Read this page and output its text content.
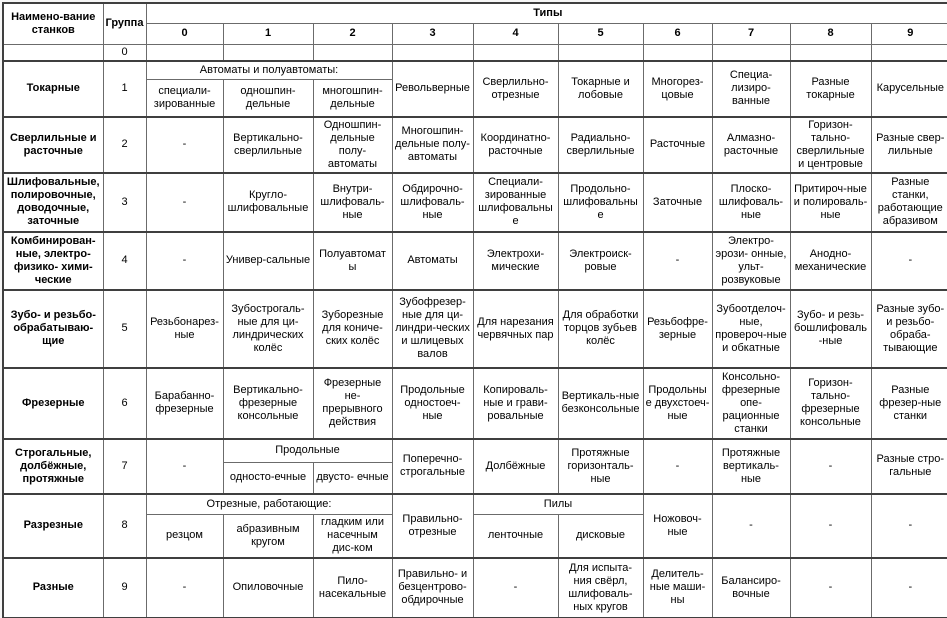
Наимено-вание станков	Группа	Типы									
		0	1	2	3	4	5	6	7	8	9
	0										
Токарные	1	Автоматы и полуавтоматы:			Револьверные	Сверлильно-отрезные	Токарные и лобовые	Многорез-цовые	Специа-лизиро-ванные	Разные токарные	Карусельные
		специали-зированные	одношпин-дельные	многошпин-дельные							
Сверлильные и расточные	2	-	Вертикально-сверлильные	Одношпин-дельные полу-автоматы	Многошпин-дельные полу-автоматы	Координатно-расточные	Радиально-сверлильные	Расточные	Алмазно-расточные	Горизон-тально-сверлильные и центровые	Разные свер-лильные
Шлифовальные, полировочные, доводочные, заточные	3	-	Кругло-шлифовальные	Внутри-шлифоваль-ные	Обдирочно-шлифоваль-ные	Специали-зированные шлифовальные	Продольно-шлифовальные	Заточные	Плоско-шлифоваль-ные	Притироч-ные и полироваль-ные	Разные станки, работающие абразивом
Комбинирован-ные, электро-физико- хими-ческие	4	-	Универ-сальные	Полуавтоматы	Автоматы	Электрохи-мические	Электроиск-ровые	-	Электро-эрози- онные, ульт-розвуковые	Анодно-механические	-
Зубо- и резьбо-обрабатываю-щие	5	Резьбонарез-ные	Зубострогаль-ные для ци-линдрических колёс	Зуборезные для кониче-ских колёс	Зубофрезер-ные для ци-линдри-ческих и шлицевых валов	Для нарезания червячных пар	Для обработки торцов зубьев колёс	Резьбофре-зерные	Зубоотделоч-ные, провероч-ные и обкатные	Зубо- и резь-бошлифоваль-ные	Разные зубо- и резьбо-обраба-тывающие
Фрезерные	6	Барабанно-фрезерные	Вертикально-фрезерные консольные	Фрезерные не-прерывного действия	Продольные одностоеч-ные	Копироваль-ные и грави-ровальные	Вертикаль-ные безконсольные	Продольные двухстоеч-ные	Консольно-фрезерные опе-рационные станки	Горизон-тально-фрезерные консольные	Разные фрезер-ные станки
Строгальные, долбёжные, протяжные	7	-	Продольные		Поперечно-строгальные	Долбёжные	Протяжные горизонталь-ные	-	Протяжные вертикаль-ные	-	Разные стро-гальные
			односто-ечные	двусто- ечные							
Разрезные	8	Отрезные, работающие:			Правильно-отрезные	Пилы		Ножовоч-ные	-	-	-
		резцом	абразивным кругом	гладким или насечным дис-ком		ленточные	дисковые				
Разные	9	-	Опиловочные	Пило-насекальные	Правильно- и безцентрово-обдирочные	-	Для испыта-ния свёрл, шлифоваль-ных кругов	Делитель-ные маши-ны	Балансиро-вочные	-	-
